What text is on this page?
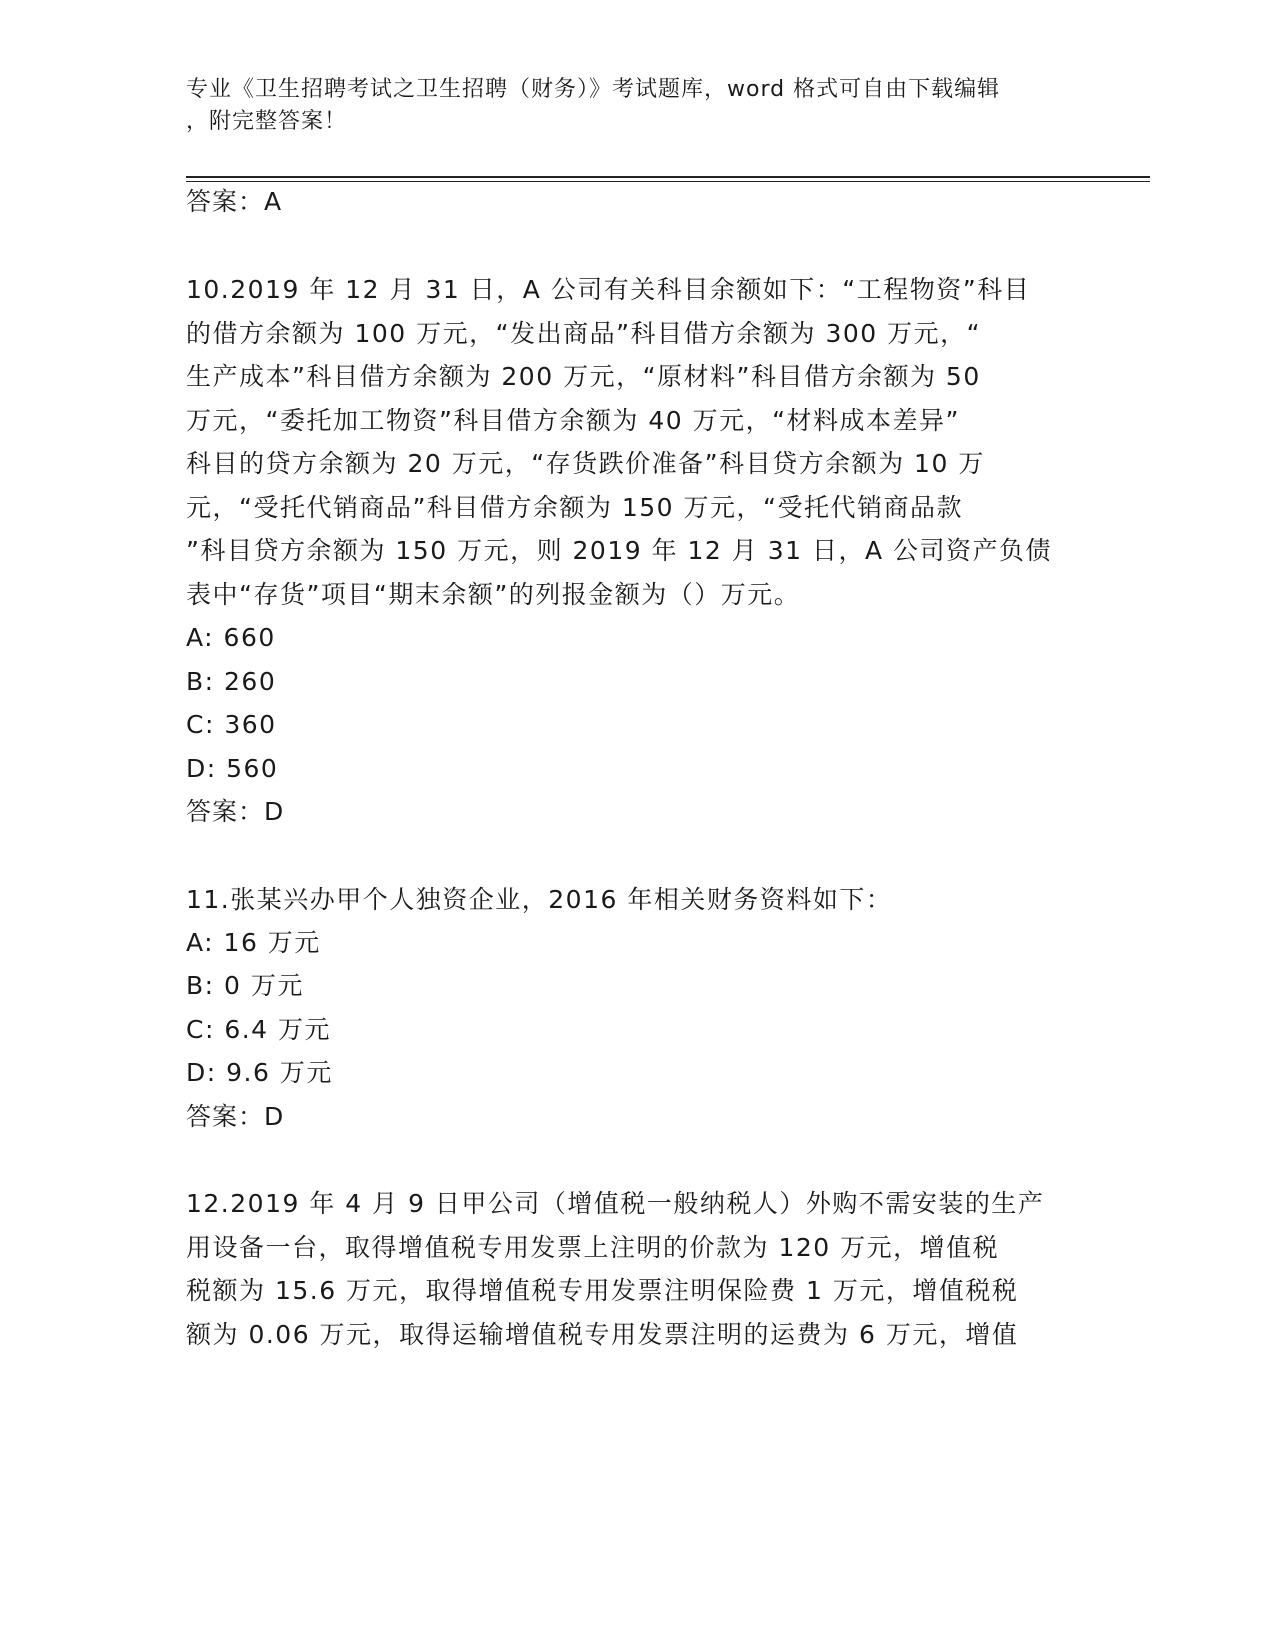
专业《卫生招聘考试之卫生招聘（财务）》考试题库，word 格式可自由下载编辑
，附完整答案！
答案：A
10.2019 年 12 月 31 日，A 公司有关科目余额如下：“工程物资”科目
的借方余额为 100 万元，“发出商品”科目借方余额为 300 万元，“
生产成本”科目借方余额为 200 万元，“原材料”科目借方余额为 50
万元，“委托加工物资”科目借方余额为 40 万元，“材料成本差异”
科目的贷方余额为 20 万元，“存货跌价准备”科目贷方余额为 10 万
元，“受托代销商品”科目借方余额为 150 万元，“受托代销商品款
”科目贷方余额为 150 万元，则 2019 年 12 月 31 日，A 公司资产负债
表中“存货”项目“期末余额”的列报金额为（）万元。
A: 660
B: 260
C: 360
D: 560
答案：D
11.张某兴办甲个人独资企业，2016 年相关财务资料如下：
A: 16 万元
B: 0 万元
C: 6.4 万元
D: 9.6 万元
答案：D
12.2019 年 4 月 9 日甲公司（增值税一般纳税人）外购不需安装的生产
用设备一台，取得增值税专用发票上注明的价款为 120 万元，增值税
税额为 15.6 万元，取得增值税专用发票注明保险费 1 万元，增值税税
额为 0.06 万元，取得运输增值税专用发票注明的运费为 6 万元，增值
